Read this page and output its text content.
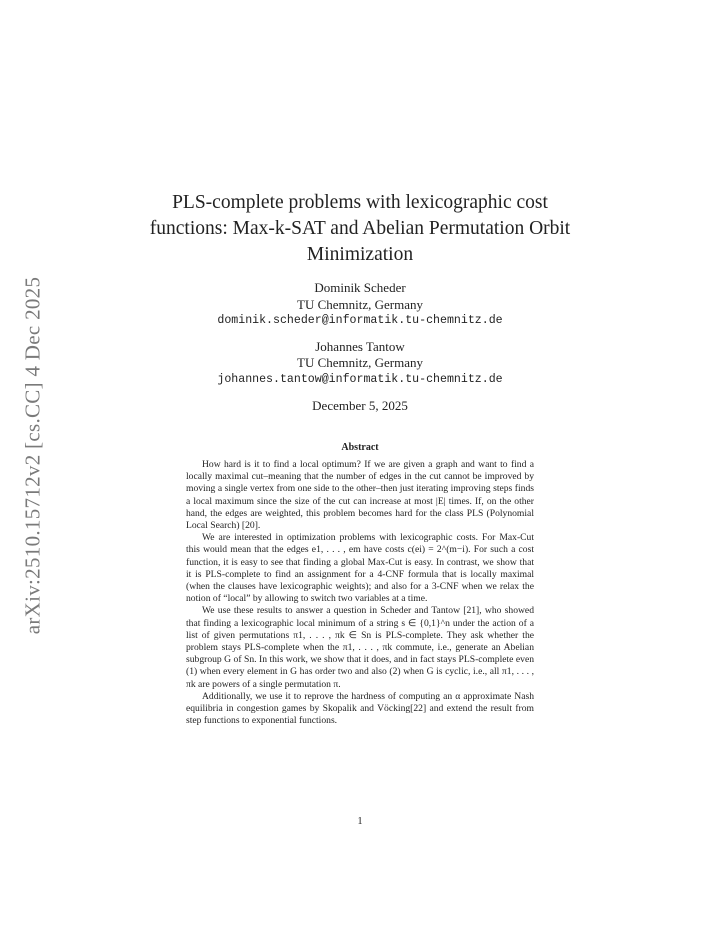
arXiv:2510.15712v2 [cs.CC] 4 Dec 2025
PLS-complete problems with lexicographic cost functions: Max-k-SAT and Abelian Permutation Orbit Minimization
Dominik Scheder
TU Chemnitz, Germany
dominik.scheder@informatik.tu-chemnitz.de
Johannes Tantow
TU Chemnitz, Germany
johannes.tantow@informatik.tu-chemnitz.de
December 5, 2025
Abstract

How hard is it to find a local optimum? If we are given a graph and want to find a locally maximal cut–meaning that the number of edges in the cut cannot be improved by moving a single vertex from one side to the other–then just iterating improving steps finds a local maximum since the size of the cut can increase at most |E| times. If, on the other hand, the edges are weighted, this problem becomes hard for the class PLS (Polynomial Local Search) [20].

We are interested in optimization problems with lexicographic costs. For Max-Cut this would mean that the edges e1, . . . , em have costs c(ei) = 2^(m−i). For such a cost function, it is easy to see that finding a global Max-Cut is easy. In contrast, we show that it is PLS-complete to find an assignment for a 4-CNF formula that is locally maximal (when the clauses have lexicographic weights); and also for a 3-CNF when we relax the notion of “local” by allowing to switch two variables at a time.

We use these results to answer a question in Scheder and Tantow [21], who showed that finding a lexicographic local minimum of a string s ∈ {0,1}^n under the action of a list of given permutations π1, . . . , πk ∈ Sn is PLS-complete. They ask whether the problem stays PLS-complete when the π1, . . . , πk commute, i.e., generate an Abelian subgroup G of Sn. In this work, we show that it does, and in fact stays PLS-complete even (1) when every element in G has order two and also (2) when G is cyclic, i.e., all π1, . . . , πk are powers of a single permutation π.

Additionally, we use it to reprove the hardness of computing an α approximate Nash equilibria in congestion games by Skopalik and Vöcking[22] and extend the result from step functions to exponential functions.

1
